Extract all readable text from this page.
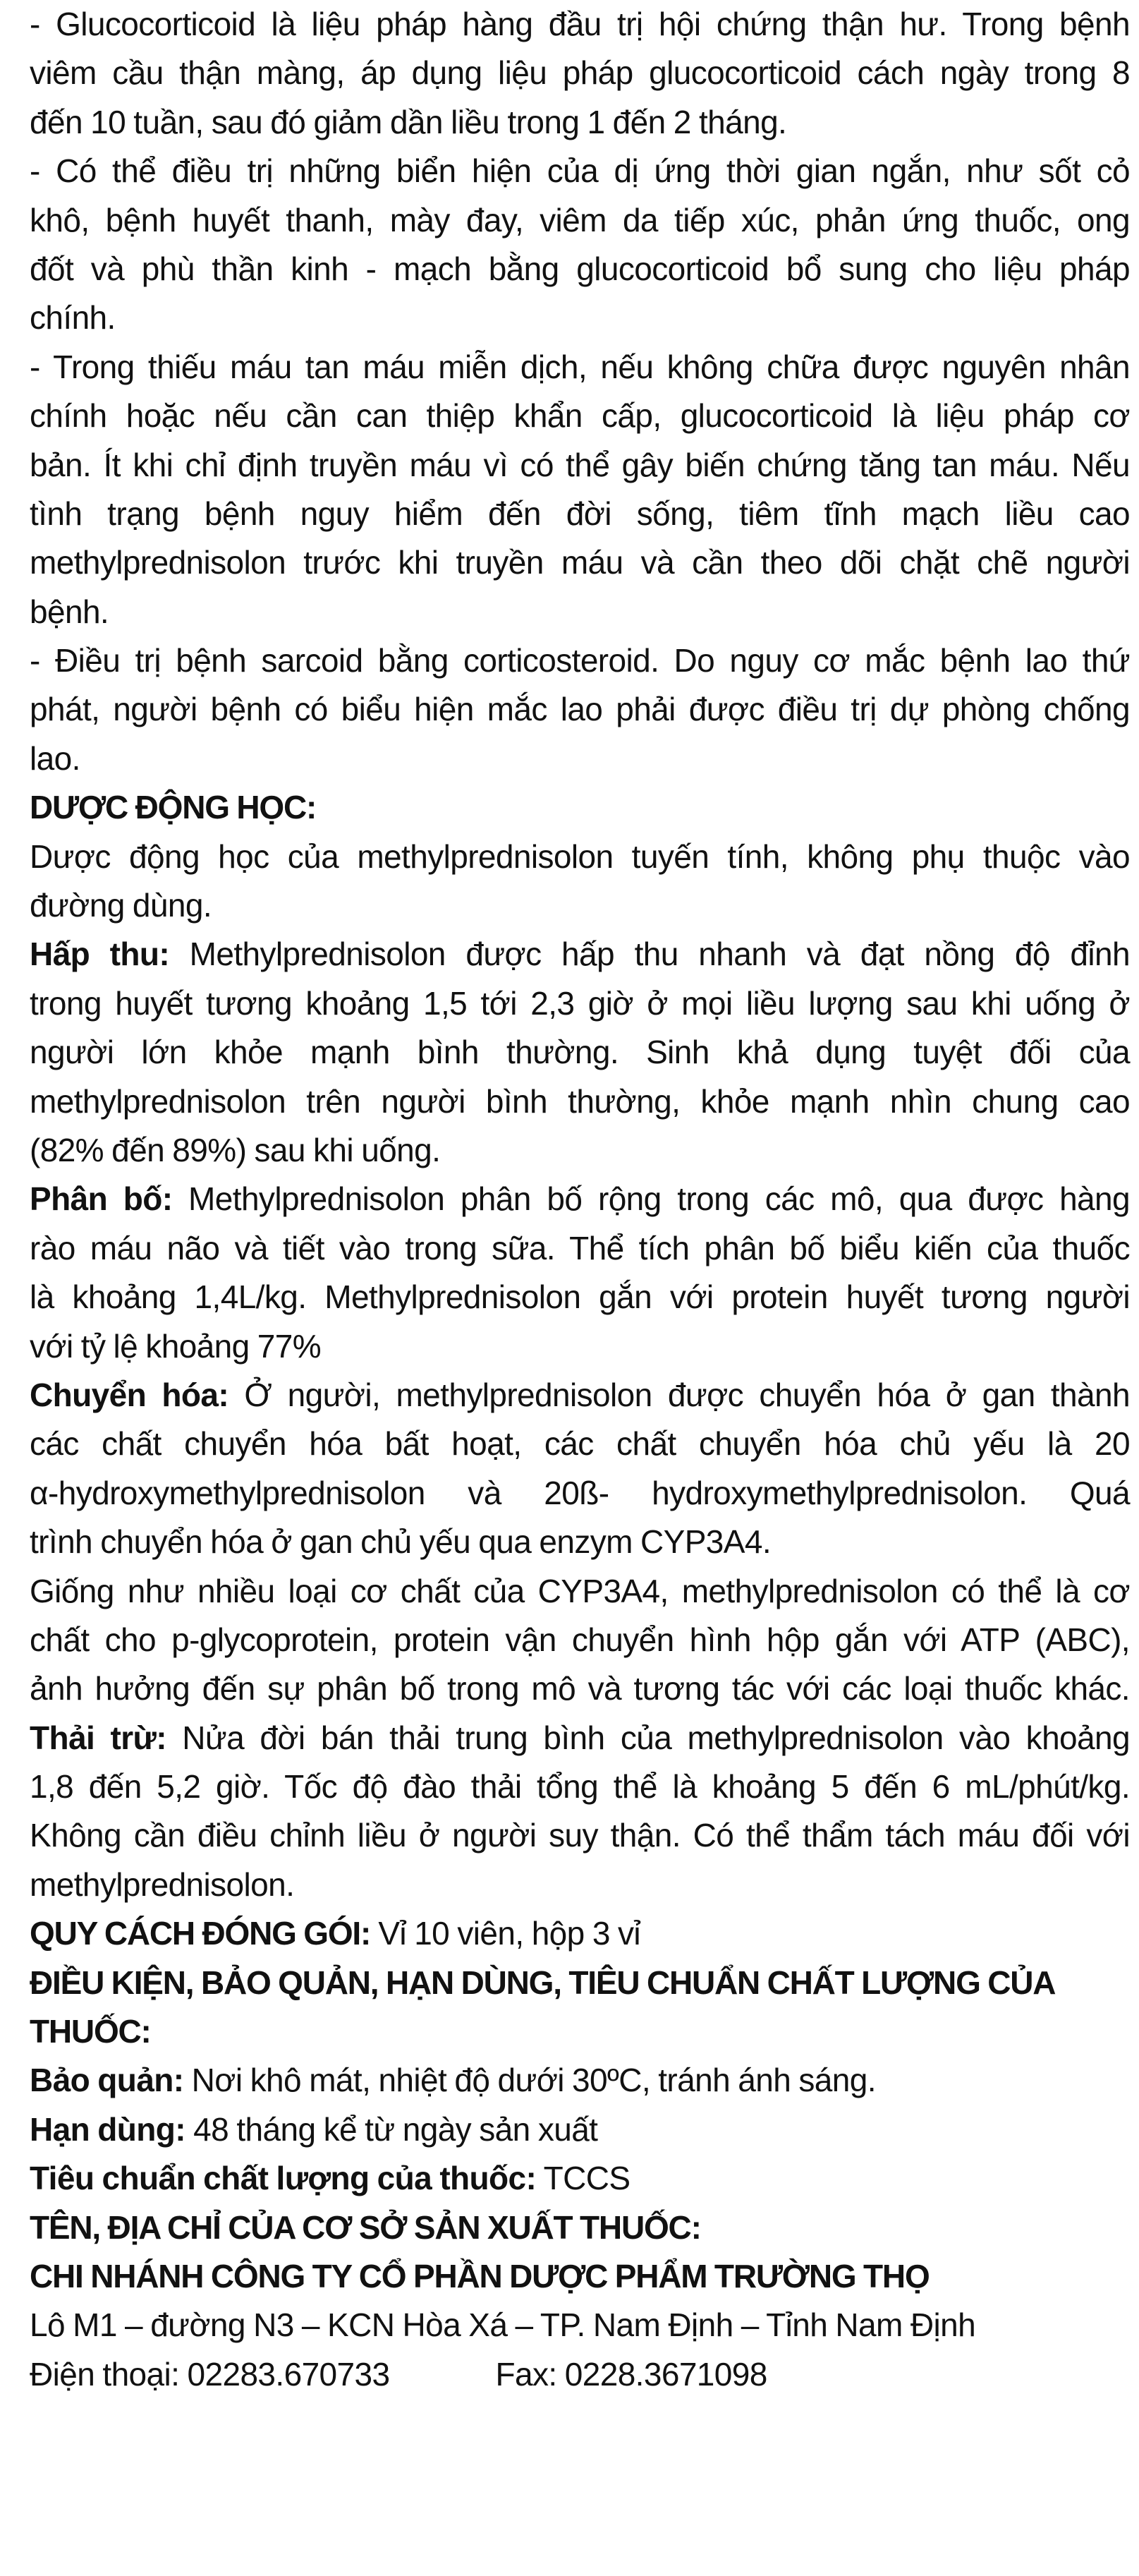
- Glucocorticoid là liệu pháp hàng đầu trị hội chứng thận hư. Trong bệnh
viêm cầu thận màng, áp dụng liệu pháp glucocorticoid cách ngày trong 8
đến 10 tuần, sau đó giảm dần liều trong 1 đến 2 tháng.
- Có thể điều trị những biển hiện của dị ứng thời gian ngắn, như sốt cỏ
khô, bệnh huyết thanh, mày đay, viêm da tiếp xúc, phản ứng thuốc, ong
đốt và phù thần kinh - mạch bằng glucocorticoid bổ sung cho liệu pháp
chính.
- Trong thiếu máu tan máu miễn dịch, nếu không chữa được nguyên nhân
chính hoặc nếu cần can thiệp khẩn cấp, glucocorticoid là liệu pháp cơ
bản. Ít khi chỉ định truyền máu vì có thể gây biến chứng tăng tan máu. Nếu
tình trạng bệnh nguy hiểm đến đời sống, tiêm tĩnh mạch liều cao
methylprednisolon trước khi truyền máu và cần theo dõi chặt chẽ người
bệnh.
- Điều trị bệnh sarcoid bằng corticosteroid. Do nguy cơ mắc bệnh lao thứ
phát, người bệnh có biểu hiện mắc lao phải được điều trị dự phòng chống
lao.
DƯỢC ĐỘNG HỌC:
Dược động học của methylprednisolon tuyến tính, không phụ thuộc vào
đường dùng.
Hấp thu: Methylprednisolon được hấp thu nhanh và đạt nồng độ đỉnh
trong huyết tương khoảng 1,5 tới 2,3 giờ ở mọi liều lượng sau khi uống ở
người lớn khỏe mạnh bình thường. Sinh khả dụng tuyệt đối của
methylprednisolon trên người bình thường, khỏe mạnh nhìn chung cao
(82% đến 89%) sau khi uống.
Phân bố: Methylprednisolon phân bố rộng trong các mô, qua được hàng
rào máu não và tiết vào trong sữa. Thể tích phân bố biểu kiến của thuốc
là khoảng 1,4L/kg. Methylprednisolon gắn với protein huyết tương người
với tỷ lệ khoảng 77%
Chuyển hóa: Ở người, methylprednisolon được chuyển hóa ở gan thành
các chất chuyển hóa bất hoạt, các chất chuyển hóa chủ yếu là 20
α-hydroxymethylprednisolon và 20ß- hydroxymethylprednisolon. Quá
trình chuyển hóa ở gan chủ yếu qua enzym CYP3A4.
Giống như nhiều loại cơ chất của CYP3A4, methylprednisolon có thể là cơ
chất cho p-glycoprotein, protein vận chuyển hình hộp gắn với ATP (ABC),
ảnh hưởng đến sự phân bố trong mô và tương tác với các loại thuốc khác.
Thải trừ: Nửa đời bán thải trung bình của methylprednisolon vào khoảng
1,8 đến 5,2 giờ. Tốc độ đào thải tổng thể là khoảng 5 đến 6 mL/phút/kg.
Không cần điều chỉnh liều ở người suy thận. Có thể thẩm tách máu đối với
methylprednisolon.
QUY CÁCH ĐÓNG GÓI: Vỉ 10 viên, hộp 3 vỉ
ĐIỀU KIỆN, BẢO QUẢN, HẠN DÙNG, TIÊU CHUẨN CHẤT LƯỢNG CỦA
THUỐC:
Bảo quản: Nơi khô mát, nhiệt độ dưới 30ºC, tránh ánh sáng.
Hạn dùng: 48 tháng kể từ ngày sản xuất
Tiêu chuẩn chất lượng của thuốc: TCCS
TÊN, ĐỊA CHỈ CỦA CƠ SỞ SẢN XUẤT THUỐC:
CHI NHÁNH CÔNG TY CỔ PHẦN DƯỢC PHẨM TRƯỜNG THỌ
Lô M1 – đường N3 – KCN Hòa Xá – TP. Nam Định – Tỉnh Nam Định
Điện thoại: 02283.670733	Fax: 0228.3671098
